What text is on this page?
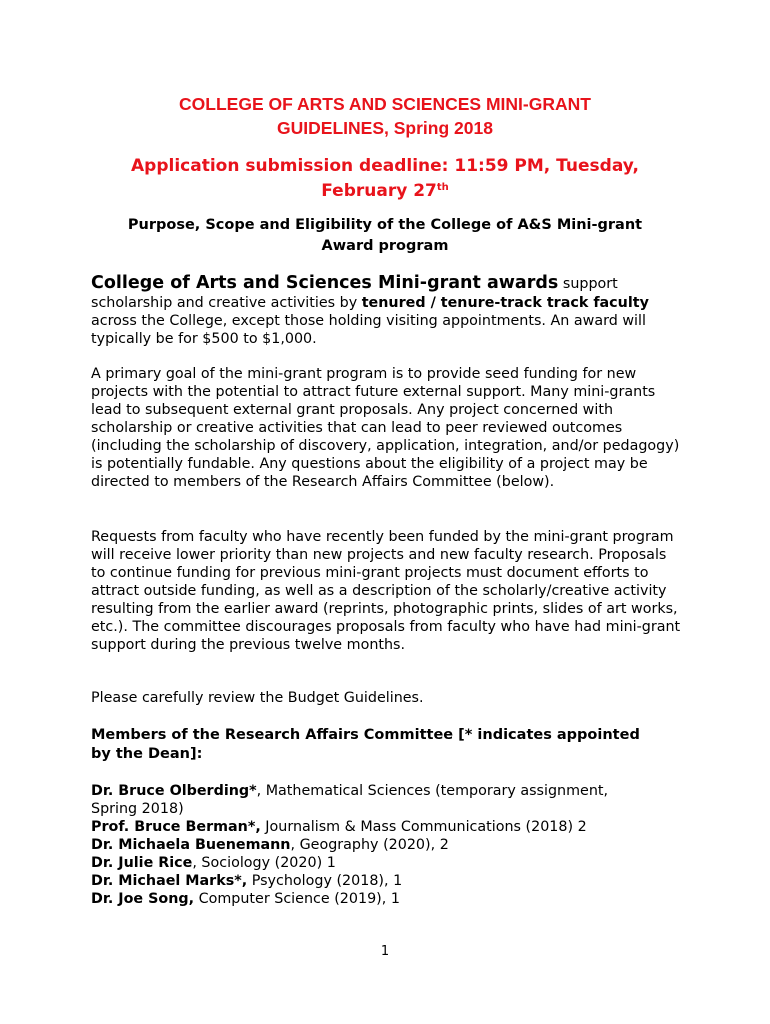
COLLEGE OF ARTS AND SCIENCES MINI-GRANT
GUIDELINES, Spring 2018
Application submission deadline: 11:59 PM, Tuesday,
February 27th
Purpose, Scope and Eligibility of the College of A&S Mini-grant
Award program
College of Arts and Sciences Mini-grant awards support scholarship and creative activities by tenured / tenure-track track faculty across the College, except those holding visiting appointments. An award will typically be for $500 to $1,000.
A primary goal of the mini-grant program is to provide seed funding for new projects with the potential to attract future external support. Many mini-grants lead to subsequent external grant proposals. Any project concerned with scholarship or creative activities that can lead to peer reviewed outcomes (including the scholarship of discovery, application, integration, and/or pedagogy) is potentially fundable. Any questions about the eligibility of a project may be directed to members of the Research Affairs Committee (below).
Requests from faculty who have recently been funded by the mini-grant program will receive lower priority than new projects and new faculty research. Proposals to continue funding for previous mini-grant projects must document efforts to attract outside funding, as well as a description of the scholarly/creative activity resulting from the earlier award (reprints, photographic prints, slides of art works, etc.). The committee discourages proposals from faculty who have had mini-grant support during the previous twelve months.
Please carefully review the Budget Guidelines.
Members of the Research Affairs Committee [* indicates appointed by the Dean]:
Dr. Bruce Olberding*, Mathematical Sciences (temporary assignment,
Spring 2018)
Prof. Bruce Berman*, Journalism & Mass Communications (2018) 2
Dr. Michaela Buenemann, Geography (2020), 2
Dr. Julie Rice, Sociology (2020) 1
Dr. Michael Marks*, Psychology (2018), 1
Dr. Joe Song, Computer Science (2019), 1
1
